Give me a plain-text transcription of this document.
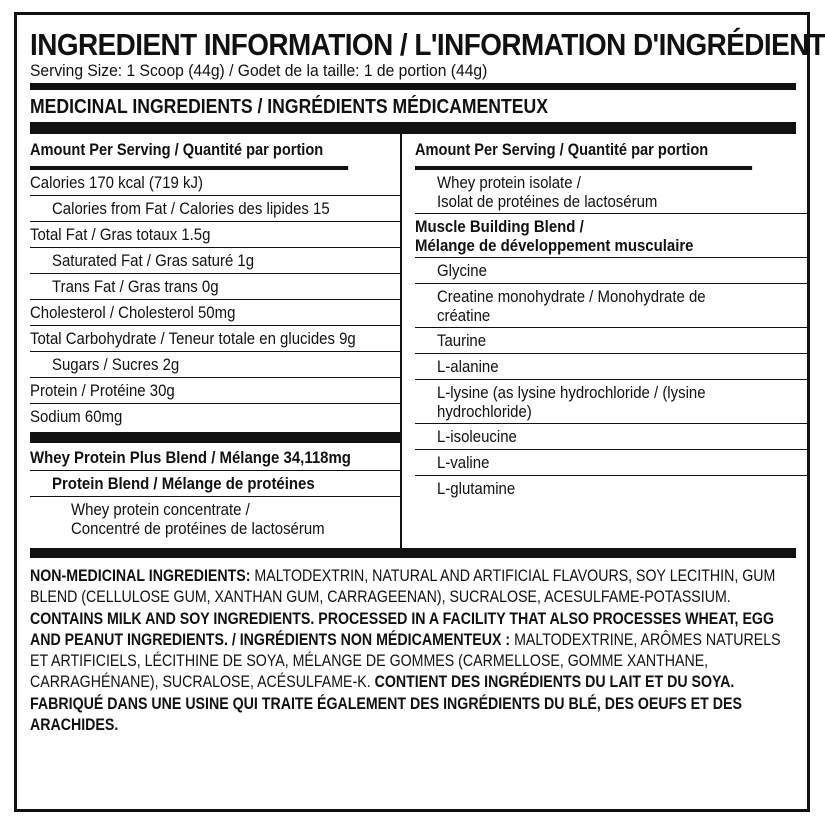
INGREDIENT INFORMATION / L'INFORMATION D'INGRÉDIENT
Serving Size: 1 Scoop (44g) / Godet de la taille: 1 de portion (44g)
MEDICINAL INGREDIENTS / INGRÉDIENTS MÉDICAMENTEUX
Amount Per Serving / Quantité par portion
Calories 170 kcal (719 kJ)
Calories from Fat / Calories des lipides 15
Total Fat / Gras totaux 1.5g
Saturated Fat / Gras saturé 1g
Trans Fat / Gras trans 0g
Cholesterol / Cholesterol 50mg
Total Carbohydrate / Teneur totale en glucides 9g
Sugars / Sucres 2g
Protein / Protéine 30g
Sodium 60mg
Whey Protein Plus Blend / Mélange 34,118mg
Protein Blend / Mélange de protéines
Whey protein concentrate /
Concentré de protéines de lactosérum
Amount Per Serving / Quantité par portion
Whey protein isolate /
Isolat de protéines de lactosérum
Muscle Building Blend /
Mélange de développement musculaire
Glycine
Creatine monohydrate / Monohydrate de créatine
Taurine
L-alanine
L-lysine (as lysine hydrochloride / (lysine hydrochloride)
L-isoleucine
L-valine
L-glutamine
NON-MEDICINAL INGREDIENTS: MALTODEXTRIN, NATURAL AND ARTIFICIAL FLAVOURS, SOY LECITHIN, GUM BLEND (CELLULOSE GUM, XANTHAN GUM, CARRAGEENAN), SUCRALOSE, ACESULFAME-POTASSIUM. CONTAINS MILK AND SOY INGREDIENTS. PROCESSED IN A FACILITY THAT ALSO PROCESSES WHEAT, EGG AND PEANUT INGREDIENTS. / INGRÉDIENTS NON MÉDICAMENTEUX : MALTODEXTRINE, ARÔMES NATURELS ET ARTIFICIELS, LÉCITHINE DE SOYA, MÉLANGE DE GOMMES (CARMELLOSE, GOMME XANTHANE, CARRAGHÉNANE), SUCRALOSE, ACÉSULFAME-K. CONTIENT DES INGRÉDIENTS DU LAIT ET DU SOYA. FABRIQUÉ DANS UNE USINE QUI TRAITE ÉGALEMENT DES INGRÉDIENTS DU BLÉ, DES OEUFS ET DES ARACHIDES.
